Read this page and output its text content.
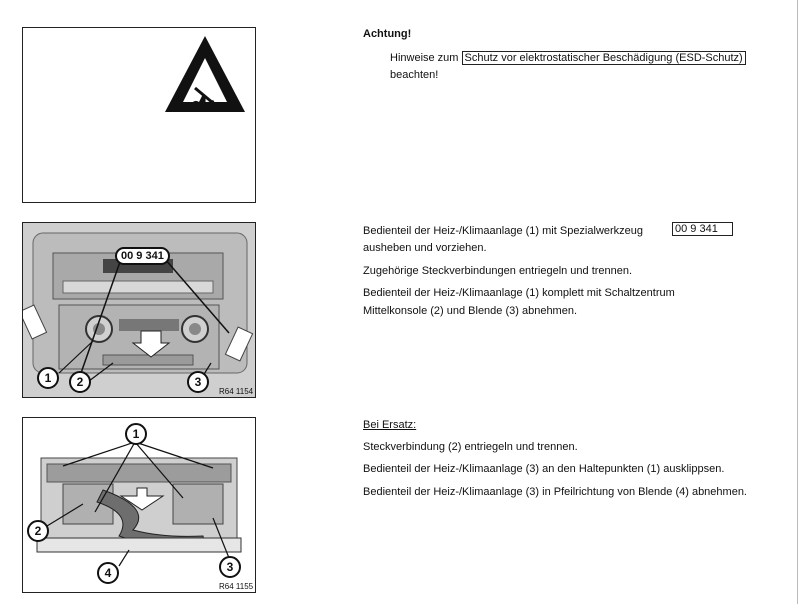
Achtung!
Hinweise zum Schutz vor elektrostatischer Beschädigung (ESD-Schutz)
beachten!
00 9 341
1	2	3
R64 1154
Bedienteil der Heiz-/Klimaanlage (1) mit Spezialwerkzeug	00 9 341
ausheben und vorziehen.
Zugehörige Steckverbindungen entriegeln und trennen.
Bedienteil der Heiz-/Klimaanlage (1) komplett mit Schaltzentrum
Mittelkonsole (2) und Blende (3) abnehmen.
1
2
3
4
R64 1155
Bei Ersatz:
Steckverbindung (2) entriegeln und trennen.
Bedienteil der Heiz-/Klimaanlage (3) an den Haltepunkten (1) ausklippsen.
Bedienteil der Heiz-/Klimaanlage (3) in Pfeilrichtung von Blende (4) abnehmen.
